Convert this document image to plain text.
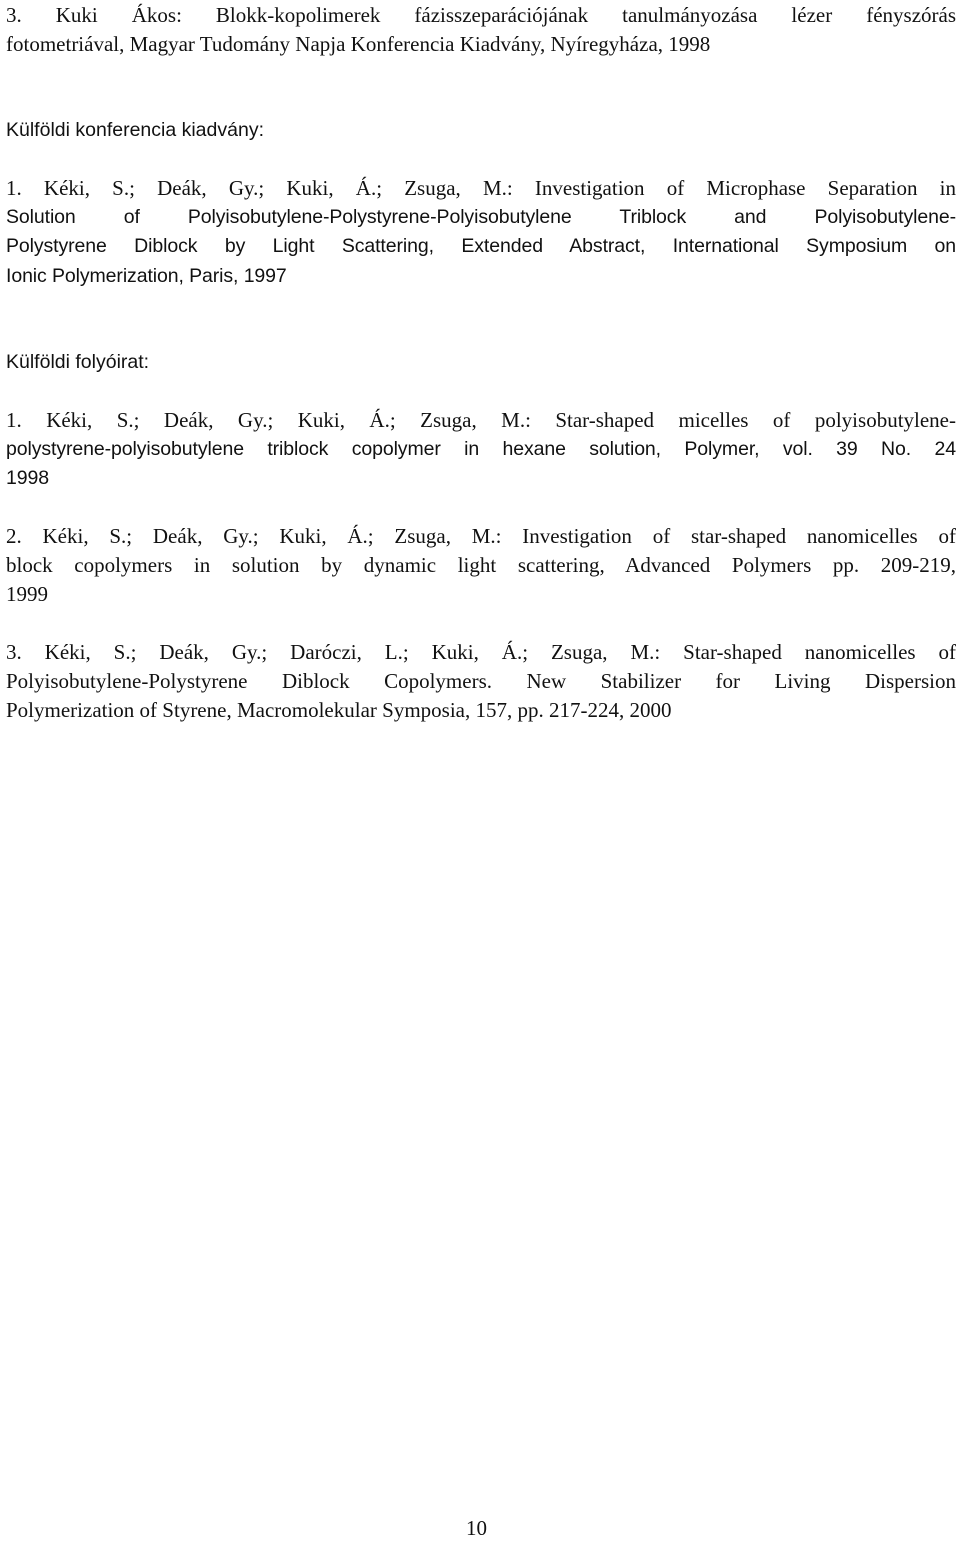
3. Kuki Ákos: Blokk-kopolimerek fázisszeparációjának tanulmányozása lézer fényszórás
fotometriával, Magyar Tudomány Napja Konferencia Kiadvány, Nyíregyháza, 1998
Külföldi konferencia kiadvány:
1. Kéki, S.; Deák, Gy.; Kuki, Á.; Zsuga, M.: Investigation of Microphase Separation in
Solution of Polyisobutylene-Polystyrene-Polyisobutylene Triblock and Polyisobutylene-
Polystyrene Diblock by Light Scattering, Extended Abstract, International Symposium on
Ionic Polymerization, Paris, 1997
Külföldi folyóirat:
1. Kéki, S.; Deák, Gy.; Kuki, Á.; Zsuga, M.: Star-shaped micelles of polyisobutylene-
polystyrene-polyisobutylene triblock copolymer in hexane solution, Polymer, vol. 39 No. 24
1998
2. Kéki, S.; Deák, Gy.; Kuki, Á.; Zsuga, M.: Investigation of star-shaped nanomicelles of
block copolymers in solution by dynamic light scattering, Advanced Polymers pp. 209-219,
1999
3. Kéki, S.; Deák, Gy.; Daróczi, L.; Kuki, Á.; Zsuga, M.: Star-shaped nanomicelles of
Polyisobutylene-Polystyrene Diblock Copolymers. New Stabilizer for Living Dispersion
Polymerization of Styrene, Macromolekular Symposia, 157, pp. 217-224, 2000
10
